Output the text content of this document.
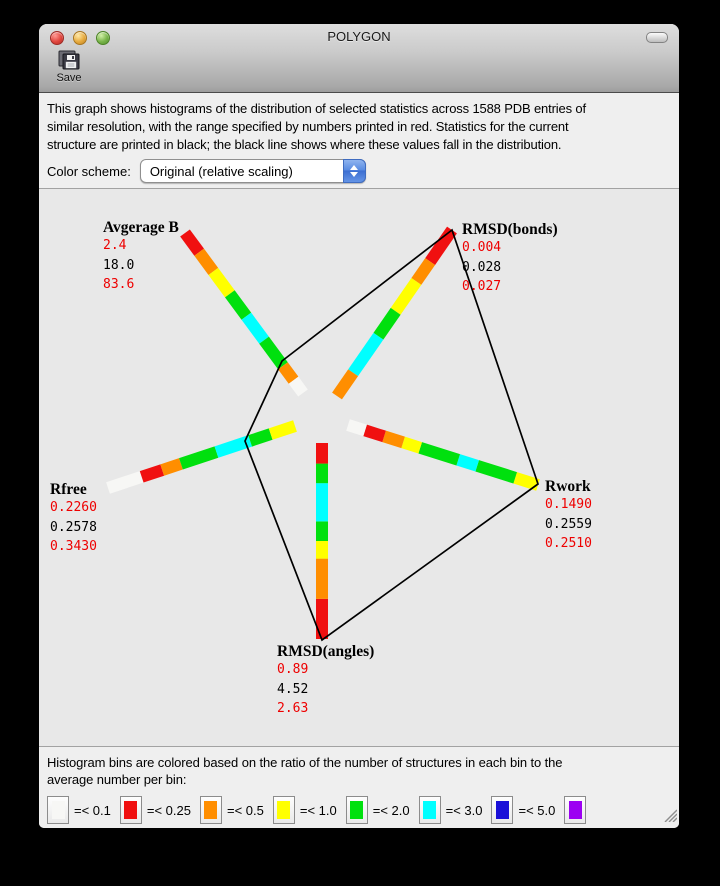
POLYGON
Save
This graph shows histograms of the distribution of selected statistics across 1588 PDB entries of
similar resolution, with the range specified by numbers printed in red. Statistics for the current
structure are printed in black; the black line shows where these values fall in the distribution.
Color scheme:	Original (relative scaling)
Avgerage B
2.4
18.0
83.6
RMSD(bonds)
0.004
0.028
0.027
Rwork
0.1490
0.2559
0.2510
RMSD(angles)
0.89
4.52
2.63
Rfree
0.2260
0.2578
0.3430
Histogram bins are colored based on the ratio of the number of structures in each bin to the
average number per bin:
=< 0.1	=< 0.25	=< 0.5	=< 1.0	=< 2.0	=< 3.0	=< 5.0
